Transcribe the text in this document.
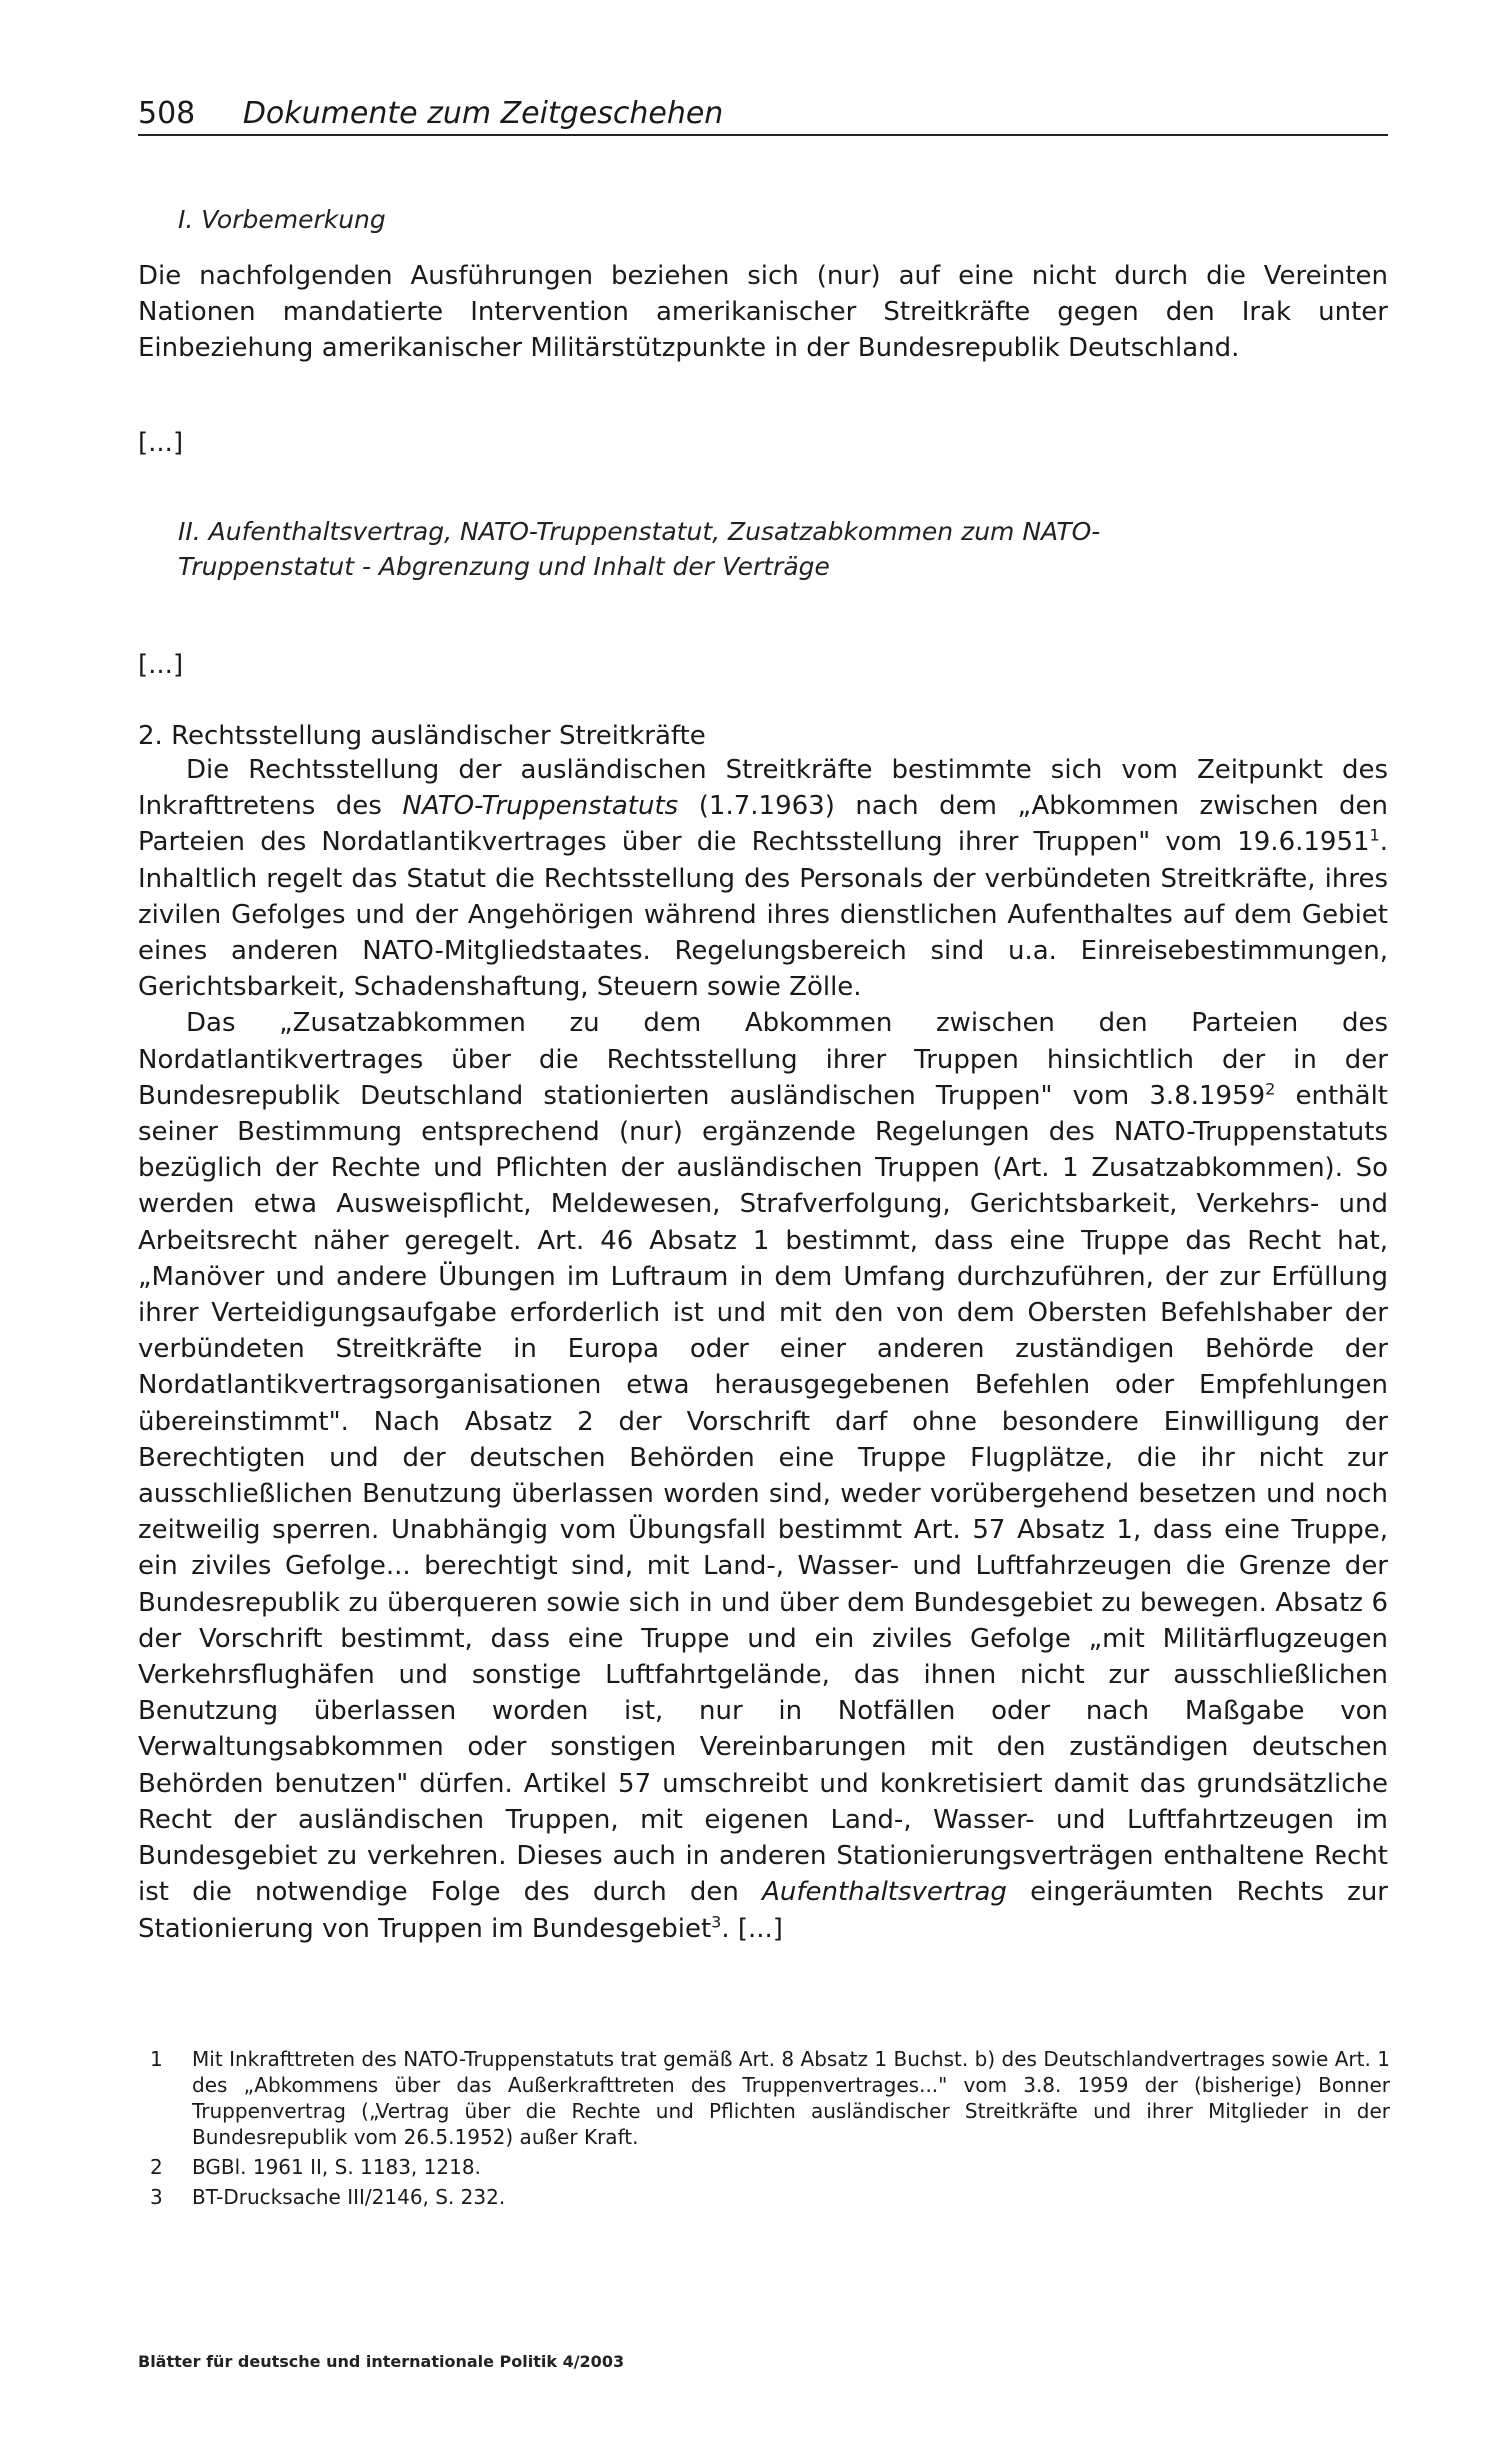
508 Dokumente zum Zeitgeschehen
I. Vorbemerkung

Die nachfolgenden Ausführungen beziehen sich (nur) auf eine nicht durch die Vereinten Nationen mandatierte Intervention amerikanischer Streitkräfte gegen den Irak unter Einbeziehung amerikanischer Militärstützpunkte in der Bundesrepublik Deutschland.

[...]
II. Aufenthaltsvertrag, NATO-Truppenstatut, Zusatzabkommen zum NATO-Truppenstatut - Abgrenzung und Inhalt der Verträge
[...]
2. Rechtsstellung ausländischer Streitkräfte

Die Rechtsstellung der ausländischen Streitkräfte bestimmte sich vom Zeitpunkt des Inkrafttretens des NATO-Truppenstatuts (1.7.1963) nach dem „Abkommen zwischen den Parteien des Nordatlantikvertrages über die Rechtsstellung ihrer Truppen" vom 19.6.1951$^1$. Inhaltlich regelt das Statut die Rechtsstellung des Personals der verbündeten Streitkräfte, ihres zivilen Gefolges und der Angehörigen während ihres dienstlichen Aufenthaltes auf dem Gebiet eines anderen NATO-Mitgliedstaates. Regelungsbereich sind u.a. Einreisebestimmungen, Gerichtsbarkeit, Schadenshaftung, Steuern sowie Zölle.

Das „Zusatzabkommen zu dem Abkommen zwischen den Parteien des Nordatlantikvertrages über die Rechtsstellung ihrer Truppen hinsichtlich der in der Bundesrepublik Deutschland stationierten ausländischen Truppen" vom 3.8.1959$^2$ enthält seiner Bestimmung entsprechend (nur) ergänzende Regelungen des NATO-Truppenstatuts bezüglich der Rechte und Pflichten der ausländischen Truppen (Art. 1 Zusatzabkommen). So werden etwa Ausweispflicht, Meldewesen, Strafverfolgung, Gerichtsbarkeit, Verkehrs- und Arbeitsrecht näher geregelt. Art. 46 Absatz 1 bestimmt, dass eine Truppe das Recht hat, „Manöver und andere Übungen im Luftraum in dem Umfang durchzuführen, der zur Erfüllung ihrer Verteidigungsaufgabe erforderlich ist und mit den von dem Obersten Befehlshaber der verbündeten Streitkräfte in Europa oder einer anderen zuständigen Behörde der Nordatlantikvertragsorganisationen etwa herausgegebenen Befehlen oder Empfehlungen übereinstimmt". Nach Absatz 2 der Vorschrift darf ohne besondere Einwilligung der Berechtigten und der deutschen Behörden eine Truppe Flugplätze, die ihr nicht zur ausschließlichen Benutzung überlassen worden sind, weder vorübergehend besetzen und noch zeitweilig sperren. Unabhängig vom Übungsfall bestimmt Art. 57 Absatz 1, dass eine Truppe, ein ziviles Gefolge... berechtigt sind, mit Land-, Wasser- und Luftfahrzeugen die Grenze der Bundesrepublik zu überqueren sowie sich in und über dem Bundesgebiet zu bewegen. Absatz 6 der Vorschrift bestimmt, dass eine Truppe und ein ziviles Gefolge „mit Militärflugzeugen Verkehrsflughäfen und sonstige Luftfahrtgelände, das ihnen nicht zur ausschließlichen Benutzung überlassen worden ist, nur in Notfällen oder nach Maßgabe von Verwaltungsabkommen oder sonstigen Vereinbarungen mit den zuständigen deutschen Behörden benutzen" dürfen. Artikel 57 umschreibt und konkretisiert damit das grundsätzliche Recht der ausländischen Truppen, mit eigenen Land-, Wasser- und Luftfahrtzeugen im Bundesgebiet zu verkehren. Dieses auch in anderen Stationierungsverträgen enthaltene Recht ist die notwendige Folge des durch den Aufenthaltsvertrag eingeräumten Rechts zur Stationierung von Truppen im Bundesgebiet$^3$. [...]

1	Mit Inkrafttreten des NATO-Truppenstatuts trat gemäß Art. 8 Absatz 1 Buchst. b) des Deutschlandvertrages sowie Art. 1 des „Abkommens über das Außerkrafttreten des Truppenvertrages..." vom 3.8. 1959 der (bisherige) Bonner Truppenvertrag („Vertrag über die Rechte und Pflichten ausländischer Streitkräfte und ihrer Mitglieder in der Bundesrepublik vom 26.5.1952) außer Kraft.
2	BGBl. 1961 II, S. 1183, 1218.
3	BT-Drucksache III/2146, S. 232.
Blätter für deutsche und internationale Politik 4/2003
